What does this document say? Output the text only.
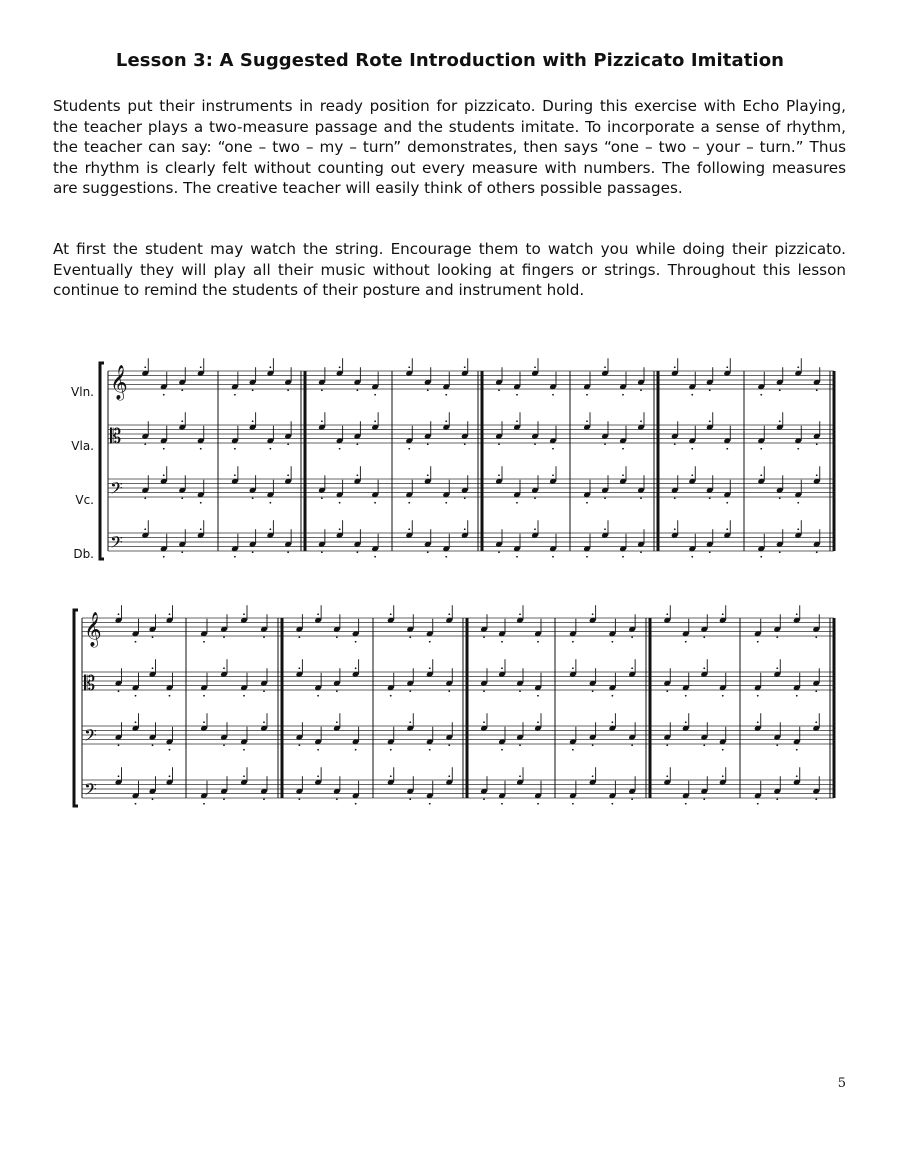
Lesson 3: A Suggested Rote Introduction with Pizzicato Imitation
Students put their instruments in ready position for pizzicato. During this exercise with Echo Playing, the teacher plays a two-measure passage and the students imitate. To incorporate a sense of rhythm, the teacher can say: “one – two – my – turn” demonstrates, then says “one – two – your – turn.” Thus the rhythm is clearly felt without counting out every measure with numbers. The following measures are suggestions. The creative teacher will easily think of others possible passages.
At first the student may watch the string. Encourage them to watch you while doing their pizzicato. Eventually they will play all their music without looking at fingers or strings. Throughout this lesson continue to remind the students of their posture and instrument hold.
Vln.
Vla.
Vc.
Db.
𝄞
𝄡
𝄢
𝄢
𝄞
𝄡
𝄢
𝄢
5
